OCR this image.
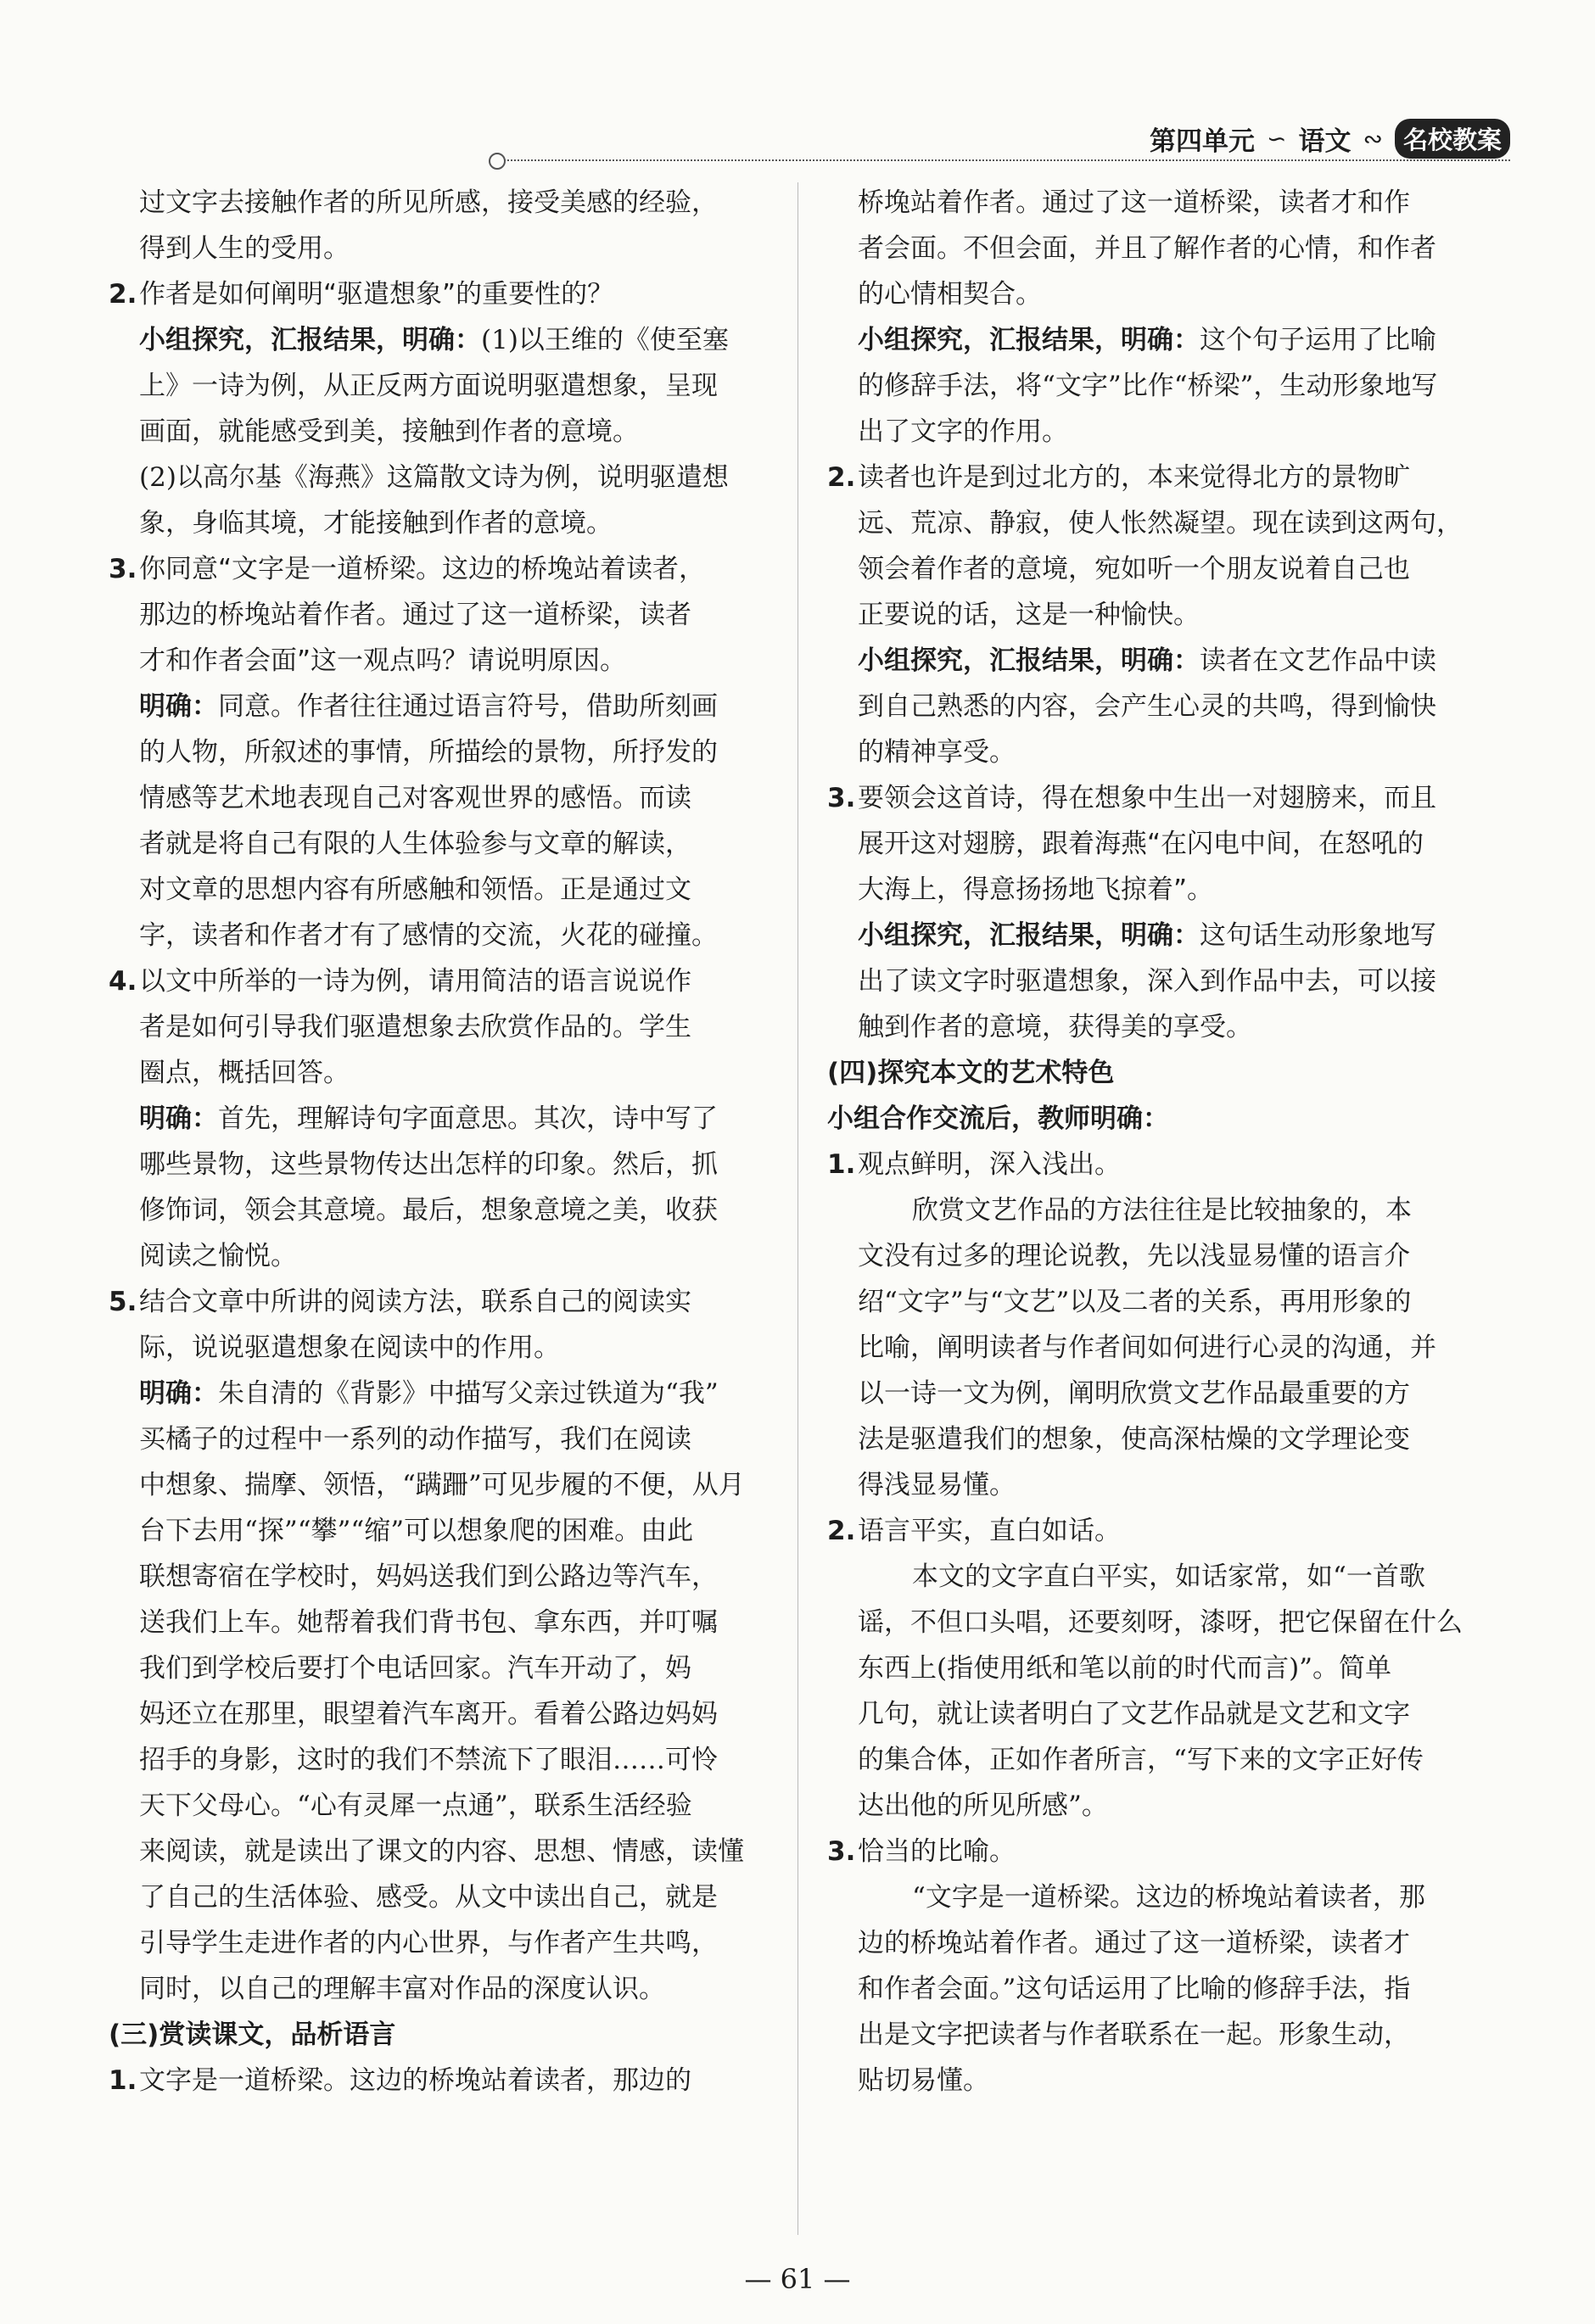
第四单元 ∽ 语文 ∾ 名校教案
过文字去接触作者的所见所感，接受美感的经验，
得到人生的受用。
2. 作者是如何阐明“驱遣想象”的重要性的？
小组探究，汇报结果，明确：(1)以王维的《使至塞
上》一诗为例，从正反两方面说明驱遣想象，呈现
画面，就能感受到美，接触到作者的意境。
(2)以高尔基《海燕》这篇散文诗为例，说明驱遣想
象，身临其境，才能接触到作者的意境。
3. 你同意“文字是一道桥梁。这边的桥堍站着读者，
那边的桥堍站着作者。通过了这一道桥梁，读者
才和作者会面”这一观点吗？请说明原因。
明确：同意。作者往往通过语言符号，借助所刻画
的人物，所叙述的事情，所描绘的景物，所抒发的
情感等艺术地表现自己对客观世界的感悟。而读
者就是将自己有限的人生体验参与文章的解读，
对文章的思想内容有所感触和领悟。正是通过文
字，读者和作者才有了感情的交流，火花的碰撞。
4. 以文中所举的一诗为例，请用简洁的语言说说作
者是如何引导我们驱遣想象去欣赏作品的。学生
圈点，概括回答。
明确：首先，理解诗句字面意思。其次，诗中写了
哪些景物，这些景物传达出怎样的印象。然后，抓
修饰词，领会其意境。最后，想象意境之美，收获
阅读之愉悦。
5. 结合文章中所讲的阅读方法，联系自己的阅读实
际，说说驱遣想象在阅读中的作用。
明确：朱自清的《背影》中描写父亲过铁道为“我”
买橘子的过程中一系列的动作描写，我们在阅读
中想象、揣摩、领悟，“蹒跚”可见步履的不便，从月
台下去用“探”“攀”“缩”可以想象爬的困难。由此
联想寄宿在学校时，妈妈送我们到公路边等汽车，
送我们上车。她帮着我们背书包、拿东西，并叮嘱
我们到学校后要打个电话回家。汽车开动了，妈
妈还立在那里，眼望着汽车离开。看着公路边妈妈
招手的身影，这时的我们不禁流下了眼泪……可怜
天下父母心。“心有灵犀一点通”，联系生活经验
来阅读，就是读出了课文的内容、思想、情感，读懂
了自己的生活体验、感受。从文中读出自己，就是
引导学生走进作者的内心世界，与作者产生共鸣，
同时，以自己的理解丰富对作品的深度认识。
(三)赏读课文，品析语言
1. 文字是一道桥梁。这边的桥堍站着读者，那边的
桥堍站着作者。通过了这一道桥梁，读者才和作
者会面。不但会面，并且了解作者的心情，和作者
的心情相契合。
小组探究，汇报结果，明确：这个句子运用了比喻
的修辞手法，将“文字”比作“桥梁”，生动形象地写
出了文字的作用。
2. 读者也许是到过北方的，本来觉得北方的景物旷
远、荒凉、静寂，使人怅然凝望。现在读到这两句，
领会着作者的意境，宛如听一个朋友说着自己也
正要说的话，这是一种愉快。
小组探究，汇报结果，明确：读者在文艺作品中读
到自己熟悉的内容，会产生心灵的共鸣，得到愉快
的精神享受。
3. 要领会这首诗，得在想象中生出一对翅膀来，而且
展开这对翅膀，跟着海燕“在闪电中间，在怒吼的
大海上，得意扬扬地飞掠着”。
小组探究，汇报结果，明确：这句话生动形象地写
出了读文字时驱遣想象，深入到作品中去，可以接
触到作者的意境，获得美的享受。
(四)探究本文的艺术特色
小组合作交流后，教师明确：
1. 观点鲜明，深入浅出。
欣赏文艺作品的方法往往是比较抽象的，本
文没有过多的理论说教，先以浅显易懂的语言介
绍“文字”与“文艺”以及二者的关系，再用形象的
比喻，阐明读者与作者间如何进行心灵的沟通，并
以一诗一文为例，阐明欣赏文艺作品最重要的方
法是驱遣我们的想象，使高深枯燥的文学理论变
得浅显易懂。
2. 语言平实，直白如话。
本文的文字直白平实，如话家常，如“一首歌
谣，不但口头唱，还要刻呀，漆呀，把它保留在什么
东西上(指使用纸和笔以前的时代而言)”。简单
几句，就让读者明白了文艺作品就是文艺和文字
的集合体，正如作者所言，“写下来的文字正好传
达出他的所见所感”。
3. 恰当的比喻。
“文字是一道桥梁。这边的桥堍站着读者，那
边的桥堍站着作者。通过了这一道桥梁，读者才
和作者会面。”这句话运用了比喻的修辞手法，指
出是文字把读者与作者联系在一起。形象生动，
贴切易懂。
— 61 —
